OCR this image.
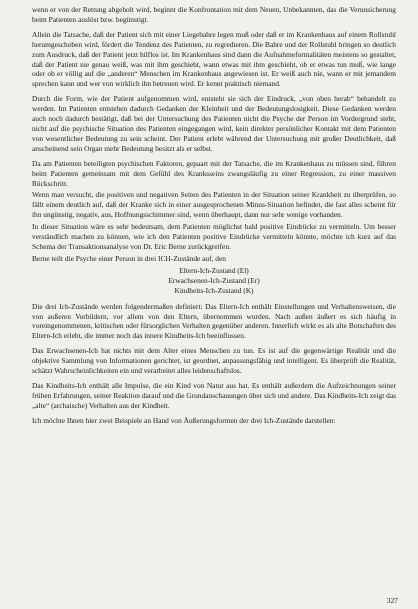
wenn er von der Rettung abgeholt wird, beginnt die Konfrontation mit dem Neuen, Unbekannten, das die Verunsicherung beim Patienten auslöst bzw. begünstigt.

Allein die Tatsache, daß der Patient sich mit einer Liegebahre legen muß oder daß er im Krankenhaus auf einem Rollstuhl herumgeschoben wird, fördert die Tendenz des Patienten, zu regredieren. Die Bahre und der Rollstuhl bringen so deutlich zum Ausdruck, daß der Patient jetzt hilflos ist. Im Krankenhaus sind dann die Aufnahmeformalitäten meistens so gestaltet, daß der Patient nie genau weiß, was mit ihm geschieht, wann etwas mit ihm geschieht, ob er etwas tun muß, wie lange oder ob er völlig auf die „anderen“ Menschen im Krankenhaus angewiesen ist. Er weiß auch nie, wann er mit jemandem sprechen kann und wer von wirklich ihn betreuen wird. Er kennt praktisch niemand.

Durch die Form, wie der Patient aufgenommen wird, entsteht sie sich der Eindruck, „von oben herab“ behandelt zu werden. Im Patienten entstehen dadurch Gedanken der Kleinheit und der Bedeutungslosigkeit. Diese Gedanken werden auch noch dadurch bestätigt, daß bei der Untersuchung des Patienten nicht die Psyche der Person im Vordergrund steht, nicht auf die psychische Situation des Patienten eingegangen wird, kein direkter persönlicher Kontakt mit dem Patienten von wesentlicher Bedeutung zu sein scheint. Der Patient erlebt während der Untersuchung mit großer Deutlichkeit, daß anscheinend sein Organ mehr Bedeutung besitzt als er selbst.

Da am Patienten beteiligten psychischen Faktoren, gepaart mit der Tatsache, die im Krankenhaus zu müssen sind, führen beim Patienten gemeinsam mit dem Gefühl des Kranksseins zwangsläufig zu einer Regression, zu einer massiven Rückschritt.

Wenn man versucht, die positiven und negativen Seiten des Patienten in der Situation seiner Krankheit zu überprüfen, so fällt einem deutlich auf, daß der Kranke sich in einer ausgesprochenen Minus-Situation befindet, die fast alles scheint für ihn ungünstig, negativ, aus, Hoffnungsschimmer sind, wenn überhaupt, dann nur sehr wenige vorhanden.

In dieser Situation wäre es sehr bedeutsam, dem Patienten möglichst bald positive Eindrücke zu vermitteln. Um besser verständlich machen zu können, wie ich den Patienten positive Eindrücke vermitteln könnte, möchte ich kurz auf das Schema der Transaktionsanalyse von Dr. Eric Berne zurückgreifen.

Berne teilt die Psyche einer Person in drei ICH-Zustände auf, den

Eltern-Ich-Zustand (El)
Erwachsenen-Ich-Zustand (Er)
Kindheits-Ich-Zustand (K)

Die drei Ich-Zustände werden folgendermaßen definiert: Das Eltern-Ich enthält Einstellungen und Verhaltensweisen, die von außeren Vorbildern, vor allem von den Eltern, übernommen wurden. Nach außen äußert es sich häufig in voreingenommenen, kritischen oder fürsorglichen Verhalten gegenüber anderen. Innerlich wirkt es als alte Botschaften des Eltern-Ich erlebt, die immer noch das innere Kindheits-Ich beeinflussen.

Das Erwachsenen-Ich hat nichts mit dem Alter eines Menschen zu tun. Es ist auf die gegenwärtige Realität und die objektive Sammlung von Informationen gerichtet, ist geordnet, anpassungsfähig und intelligent. Es überprüft die Realität, schätzt Wahrscheinlichkeiten ein und verarbeitet alles leidenschaftslos.

Das Kindheits-Ich enthält alle Impulse, die ein Kind von Natur aus hat. Es enthält außerdem die Aufzeichnungen seiner frühen Erfahrungen, seiner Reaktion darauf und die Grundanschauungen über sich und andere. Das Kindheits-Ich zeigt das „alte“ (archaische) Verhalten aus der Kindheit.

Ich möchte Ihnen hier zwei Beispiele an Hand von Äußerungsformen der drei Ich-Zustände darstellen:

327
